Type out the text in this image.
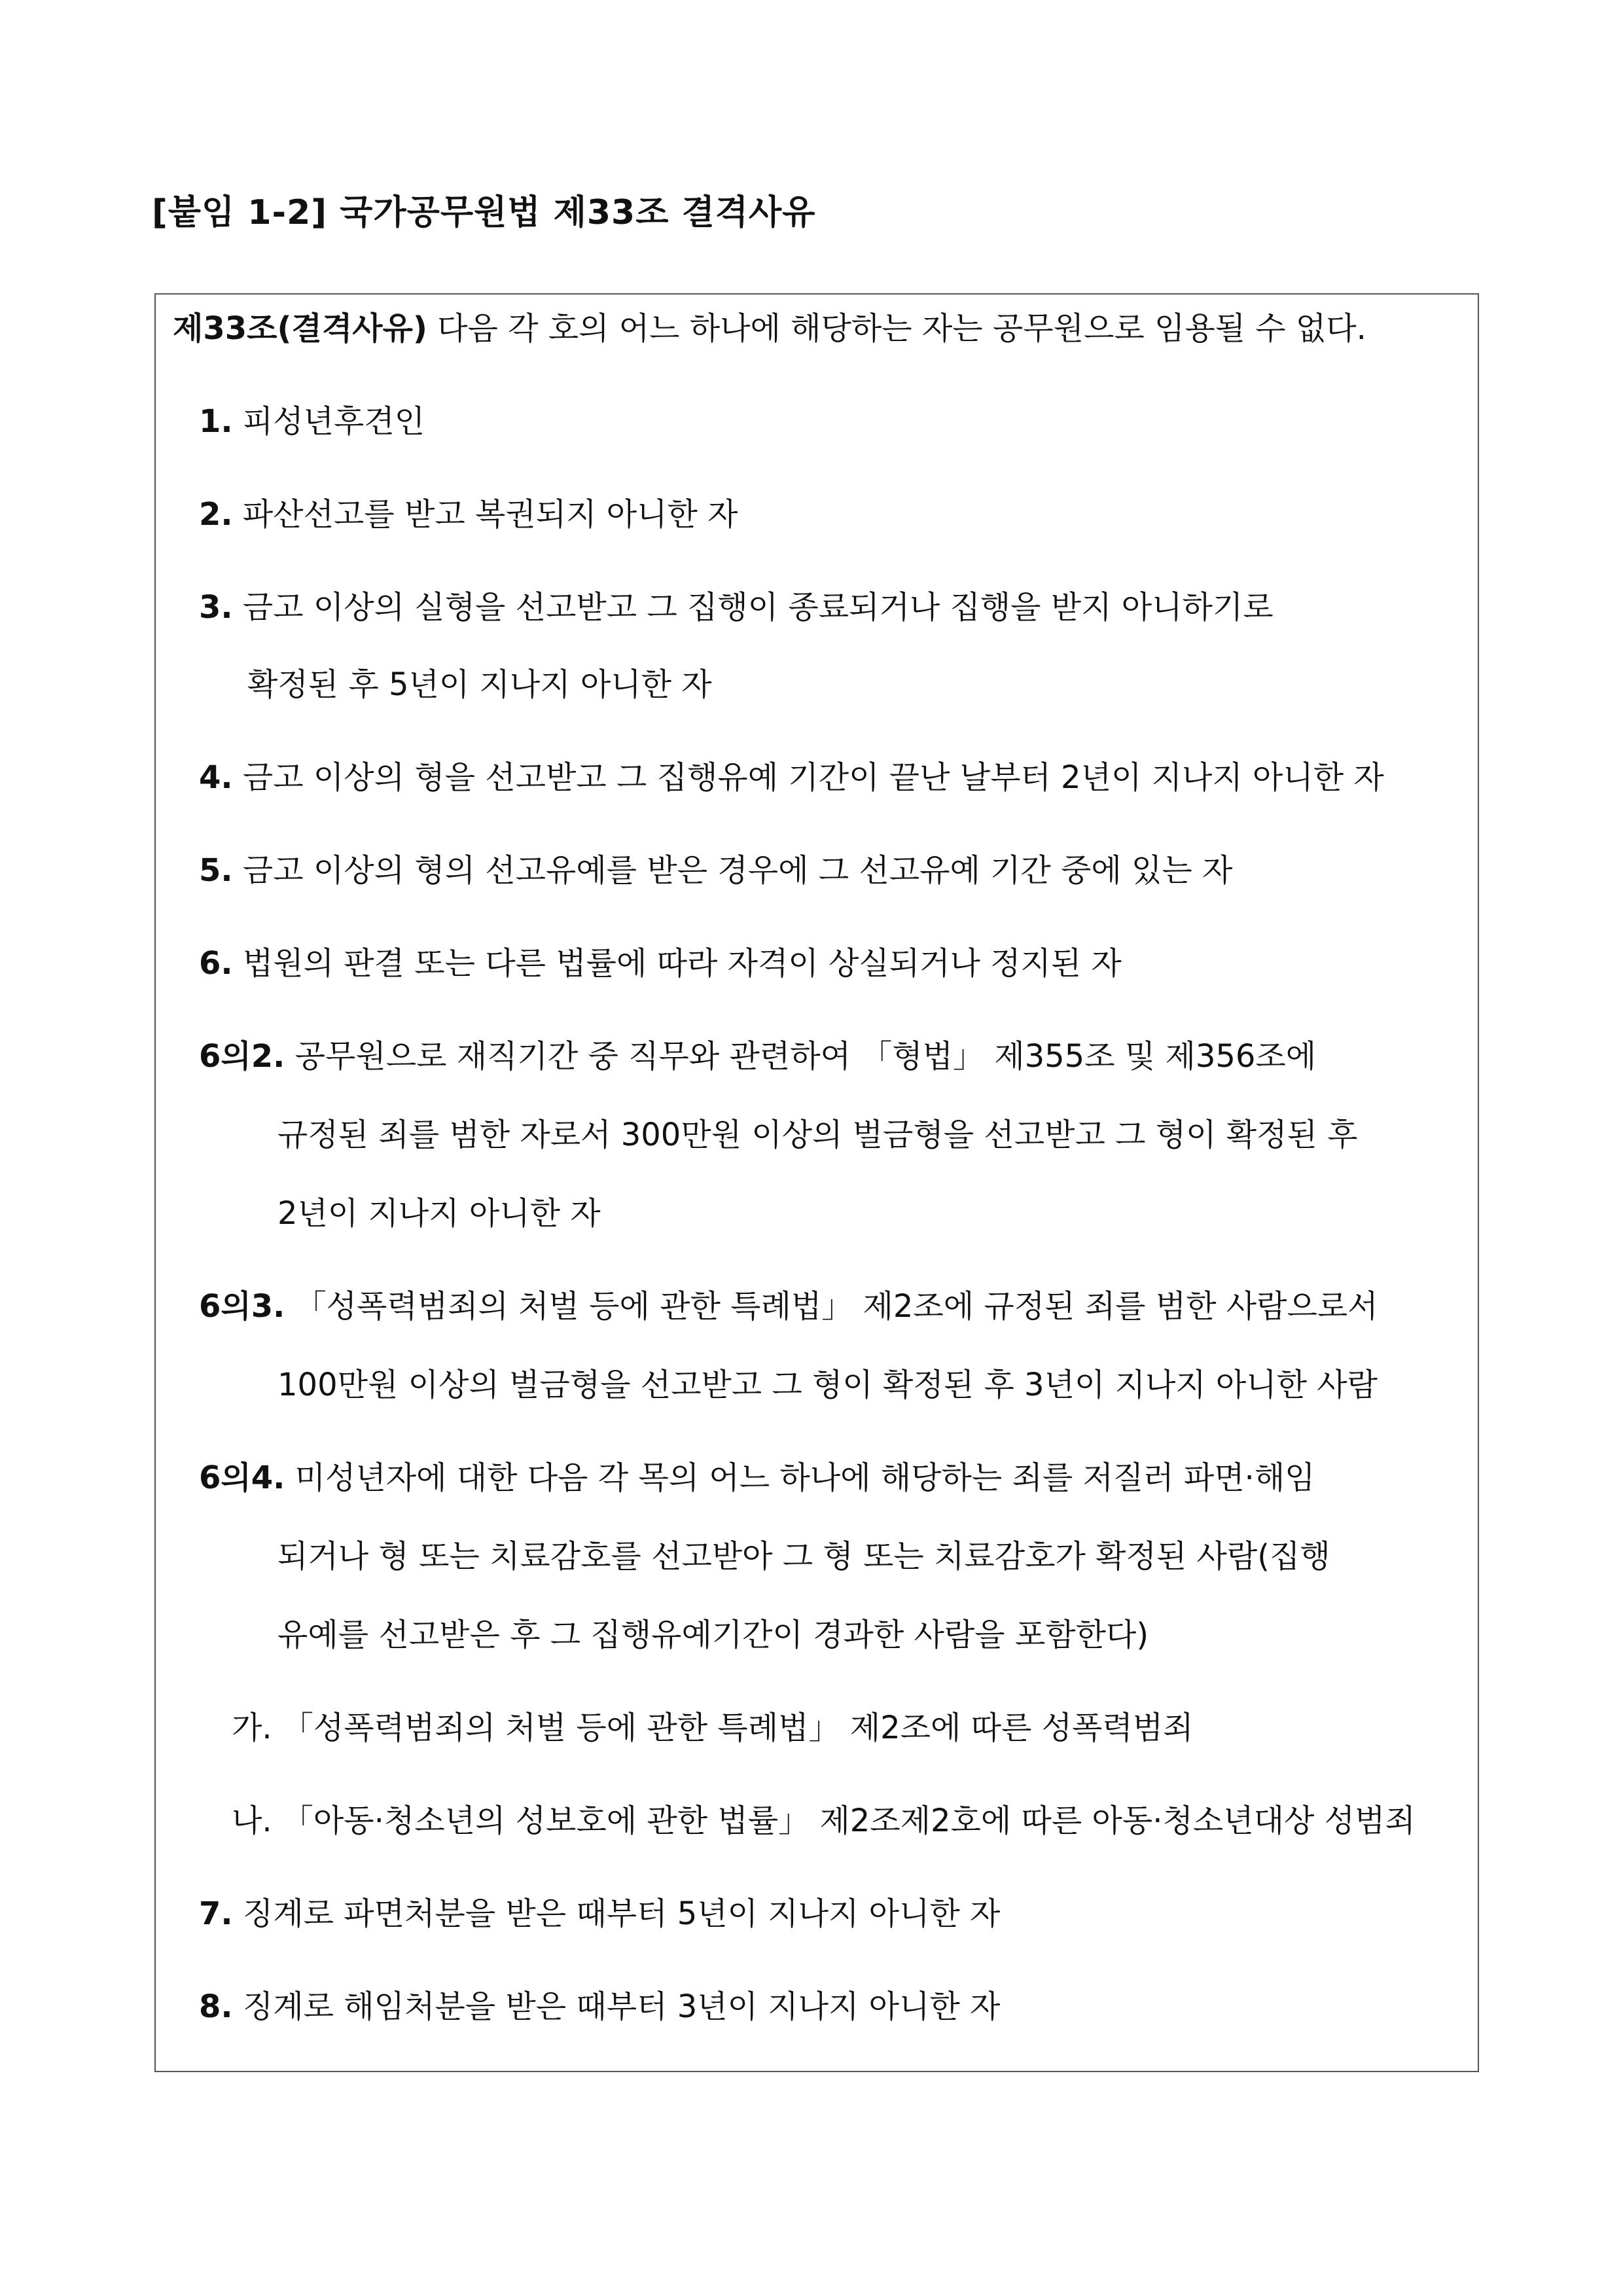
[붙임 1-2] 국가공무원법 제33조 결격사유
제33조(결격사유) 다음 각 호의 어느 하나에 해당하는 자는 공무원으로 임용될 수 없다.
1. 피성년후견인
2. 파산선고를 받고 복권되지 아니한 자
3. 금고 이상의 실형을 선고받고 그 집행이 종료되거나 집행을 받지 아니하기로
확정된 후 5년이 지나지 아니한 자
4. 금고 이상의 형을 선고받고 그 집행유예 기간이 끝난 날부터 2년이 지나지 아니한 자
5. 금고 이상의 형의 선고유예를 받은 경우에 그 선고유예 기간 중에 있는 자
6. 법원의 판결 또는 다른 법률에 따라 자격이 상실되거나 정지된 자
6의2. 공무원으로 재직기간 중 직무와 관련하여 「형법」 제355조 및 제356조에
규정된 죄를 범한 자로서 300만원 이상의 벌금형을 선고받고 그 형이 확정된 후
2년이 지나지 아니한 자
6의3. 「성폭력범죄의 처벌 등에 관한 특례법」 제2조에 규정된 죄를 범한 사람으로서
100만원 이상의 벌금형을 선고받고 그 형이 확정된 후 3년이 지나지 아니한 사람
6의4. 미성년자에 대한 다음 각 목의 어느 하나에 해당하는 죄를 저질러 파면·해임
되거나 형 또는 치료감호를 선고받아 그 형 또는 치료감호가 확정된 사람(집행
유예를 선고받은 후 그 집행유예기간이 경과한 사람을 포함한다)
가. 「성폭력범죄의 처벌 등에 관한 특례법」 제2조에 따른 성폭력범죄
나. 「아동·청소년의 성보호에 관한 법률」 제2조제2호에 따른 아동·청소년대상 성범죄
7. 징계로 파면처분을 받은 때부터 5년이 지나지 아니한 자
8. 징계로 해임처분을 받은 때부터 3년이 지나지 아니한 자
